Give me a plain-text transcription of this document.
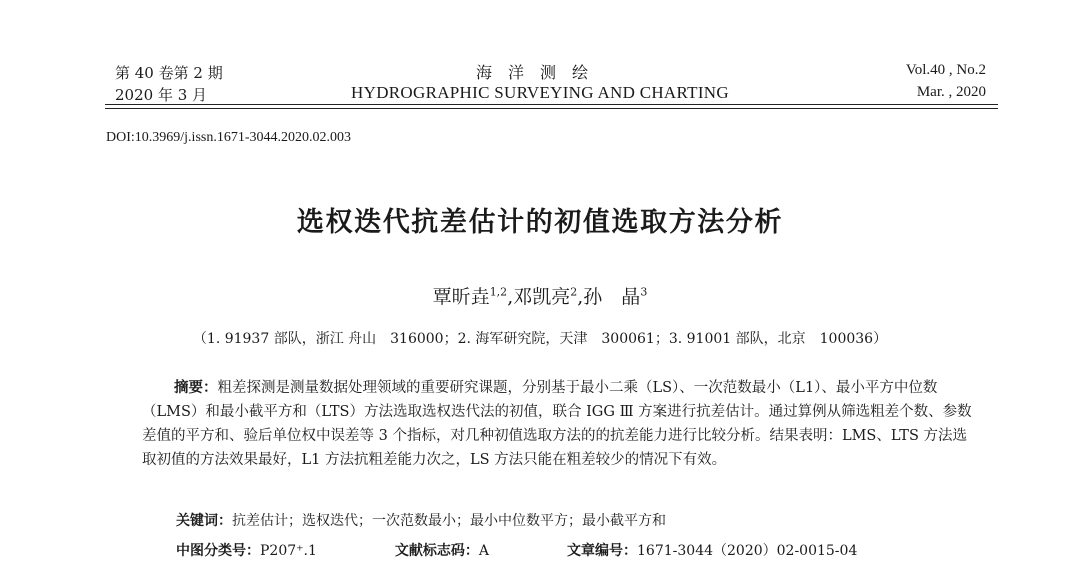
第 40 卷第 2 期
2020 年 3 月
海洋测绘
HYDROGRAPHIC SURVEYING AND CHARTING
Vol.40 , No.2
Mar. , 2020
DOI:10.3969/j.issn.1671-3044.2020.02.003
选权迭代抗差估计的初值选取方法分析
覃昕垚$^{1,2}$,邓凯亮$^2$,孙　晶$^3$
（1. 91937 部队，浙江 舟山　316000；2. 海军研究院，天津　300061；3. 91001 部队，北京　100036）
摘要：粗差探测是测量数据处理领域的重要研究课题，分别基于最小二乘（LS）、一次范数最小（L1）、最小平方中位数（LMS）和最小截平方和（LTS）方法选取选权迭代法的初值，联合 IGG Ⅲ 方案进行抗差估计。通过算例从筛选粗差个数、参数差值的平方和、验后单位权中误差等 3 个指标，对几种初值选取方法的的抗差能力进行比较分析。结果表明：LMS、LTS 方法选取初值的方法效果最好，L1 方法抗粗差能力次之，LS 方法只能在粗差较少的情况下有效。
关键词：抗差估计；选权迭代；一次范数最小；最小中位数平方；最小截平方和
中图分类号：P207⁺.1	文献标志码：A	文章编号：1671-3044（2020）02-0015-04
